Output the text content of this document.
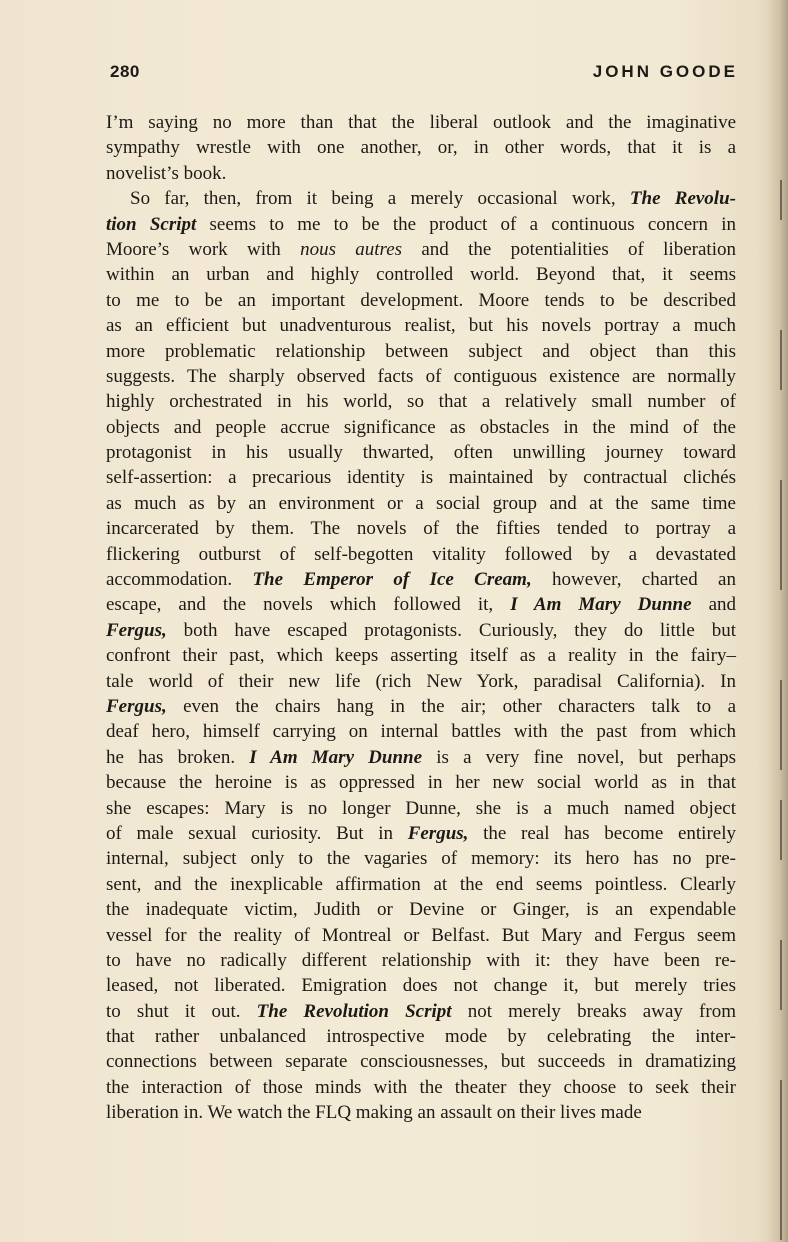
280	JOHN GOODE
I’m saying no more than that the liberal outlook and the imaginative
sympathy wrestle with one another, or, in other words, that it is a
novelist’s book.
So far, then, from it being a merely occasional work, The Revolu-
tion Script seems to me to be the product of a continuous concern in
Moore’s work with nous autres and the potentialities of liberation
within an urban and highly controlled world. Beyond that, it seems
to me to be an important development. Moore tends to be described
as an efficient but unadventurous realist, but his novels portray a much
more problematic relationship between subject and object than this
suggests. The sharply observed facts of contiguous existence are normally
highly orchestrated in his world, so that a relatively small number of
objects and people accrue significance as obstacles in the mind of the
protagonist in his usually thwarted, often unwilling journey toward
self-assertion: a precarious identity is maintained by contractual clichés
as much as by an environment or a social group and at the same time
incarcerated by them. The novels of the fifties tended to portray a
flickering outburst of self-begotten vitality followed by a devastated
accommodation. The Emperor of Ice Cream, however, charted an
escape, and the novels which followed it, I Am Mary Dunne and
Fergus, both have escaped protagonists. Curiously, they do little but
confront their past, which keeps asserting itself as a reality in the fairy–
tale world of their new life (rich New York, paradisal California). In
Fergus, even the chairs hang in the air; other characters talk to a
deaf hero, himself carrying on internal battles with the past from which
he has broken. I Am Mary Dunne is a very fine novel, but perhaps
because the heroine is as oppressed in her new social world as in that
she escapes: Mary is no longer Dunne, she is a much named object
of male sexual curiosity. But in Fergus, the real has become entirely
internal, subject only to the vagaries of memory: its hero has no pre-
sent, and the inexplicable affirmation at the end seems pointless. Clearly
the inadequate victim, Judith or Devine or Ginger, is an expendable
vessel for the reality of Montreal or Belfast. But Mary and Fergus seem
to have no radically different relationship with it: they have been re-
leased, not liberated. Emigration does not change it, but merely tries
to shut it out. The Revolution Script not merely breaks away from
that rather unbalanced introspective mode by celebrating the inter-
connections between separate consciousnesses, but succeeds in dramatizing
the interaction of those minds with the theater they choose to seek their
liberation in. We watch the FLQ making an assault on their lives made
